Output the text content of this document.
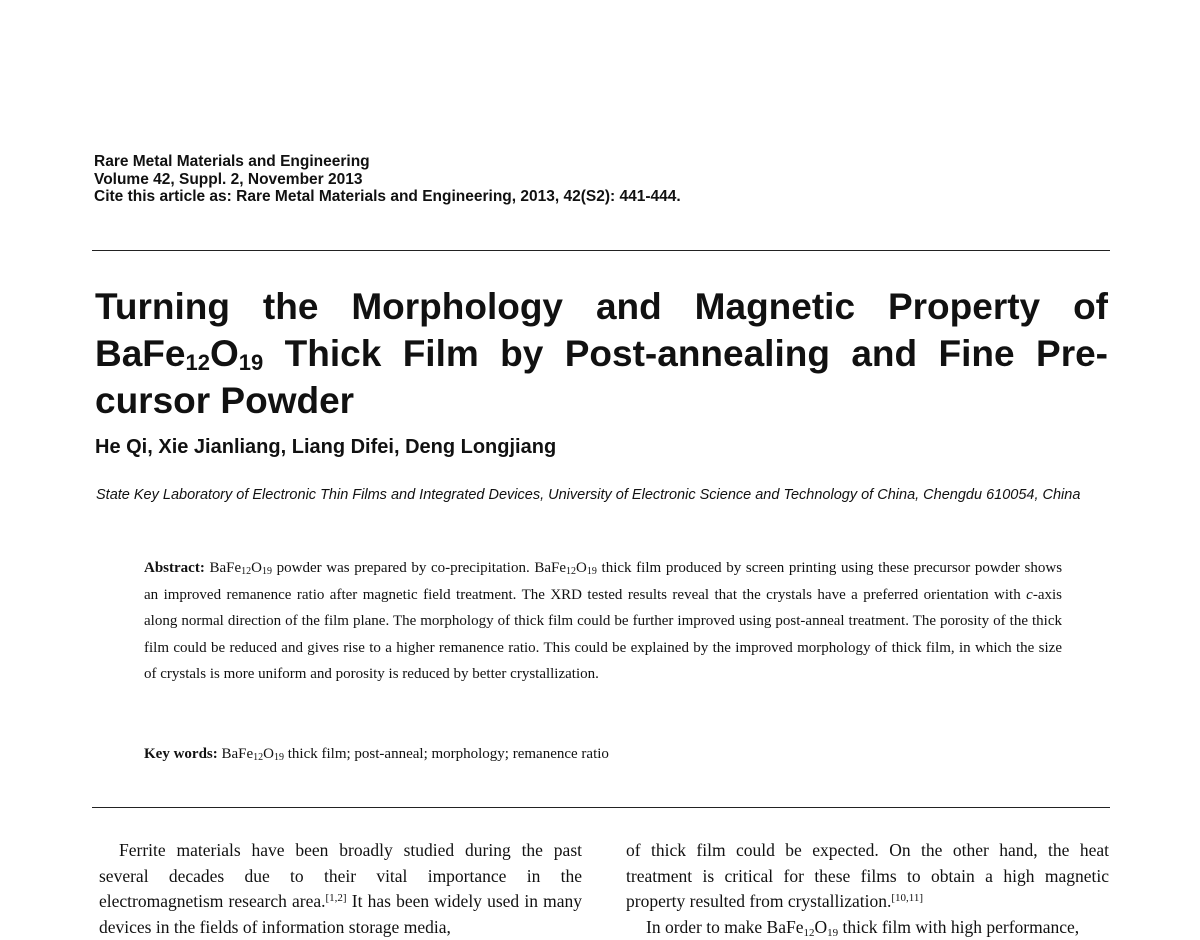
Rare Metal Materials and Engineering
Volume 42, Suppl. 2, November 2013
Cite this article as: Rare Metal Materials and Engineering, 2013, 42(S2): 441-444.
Turning the Morphology and Magnetic Property of
$BaFe_{12}O_{19}$ Thick Film by Post-annealing and Fine Pre-
cursor Powder
He Qi, Xie Jianliang, Liang Difei, Deng Longjiang
State Key Laboratory of Electronic Thin Films and Integrated Devices, University of Electronic Science and Technology of China, Chengdu 610054, China
Abstract: $BaFe_{12}O_{19}$ powder was prepared by co-precipitation. $BaFe_{12}O_{19}$ thick film produced by screen printing using these precursor powder shows an improved remanence ratio after magnetic field treatment. The XRD tested results reveal that the crystals have a preferred orientation with c-axis along normal direction of the film plane. The morphology of thick film could be further improved using post-anneal treatment. The porosity of the thick film could be reduced and gives rise to a higher remanence ratio. This could be explained by the improved morphology of thick film, in which the size of crystals is more uniform and porosity is reduced by better crystallization.
Key words: $BaFe_{12}O_{19}$ thick film; post-anneal; morphology; remanence ratio
Ferrite materials have been broadly studied during the past several decades due to their vital importance in the electromagnetism research area.[1,2] It has been widely used in many devices in the fields of information storage media,
of thick film could be expected. On the other hand, the heat treatment is critical for these films to obtain a high magnetic property resulted from crystallization.[10,11]
In order to make $BaFe_{12}O_{19}$ thick film with high performance,
